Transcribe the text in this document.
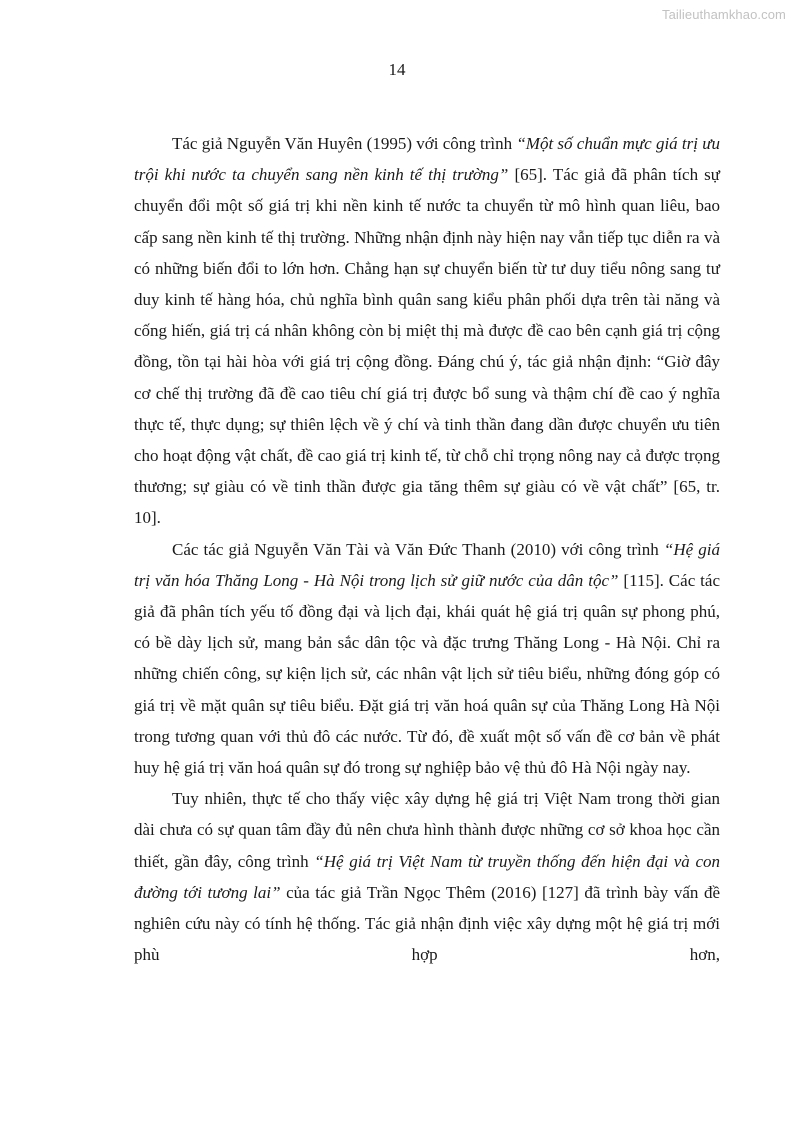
Tailieuthamkhao.com
14

Tác giả Nguyễn Văn Huyên (1995) với công trình “Một số chuẩn mực giá trị ưu trội khi nước ta chuyển sang nền kinh tế thị trường” [65]. Tác giả đã phân tích sự chuyển đổi một số giá trị khi nền kinh tế nước ta chuyển từ mô hình quan liêu, bao cấp sang nền kinh tế thị trường. Những nhận định này hiện nay vẫn tiếp tục diễn ra và có những biến đổi to lớn hơn. Chẳng hạn sự chuyển biến từ tư duy tiểu nông sang tư duy kinh tế hàng hóa, chủ nghĩa bình quân sang kiểu phân phối dựa trên tài năng và cống hiến, giá trị cá nhân không còn bị miệt thị mà được đề cao bên cạnh giá trị cộng đồng, tồn tại hài hòa với giá trị cộng đồng. Đáng chú ý, tác giả nhận định: “Giờ đây cơ chế thị trường đã đề cao tiêu chí giá trị được bổ sung và thậm chí đề cao ý nghĩa thực tế, thực dụng; sự thiên lệch về ý chí và tinh thần đang dần được chuyển ưu tiên cho hoạt động vật chất, đề cao giá trị kinh tế, từ chỗ chỉ trọng nông nay cả được trọng thương; sự giàu có về tinh thần được gia tăng thêm sự giàu có về vật chất” [65, tr. 10].

Các tác giả Nguyễn Văn Tài và Văn Đức Thanh (2010) với công trình “Hệ giá trị văn hóa Thăng Long - Hà Nội trong lịch sử giữ nước của dân tộc” [115]. Các tác giả đã phân tích yếu tố đồng đại và lịch đại, khái quát hệ giá trị quân sự phong phú, có bề dày lịch sử, mang bản sắc dân tộc và đặc trưng Thăng Long - Hà Nội. Chỉ ra những chiến công, sự kiện lịch sử, các nhân vật lịch sử tiêu biểu, những đóng góp có giá trị về mặt quân sự tiêu biểu. Đặt giá trị văn hoá quân sự của Thăng Long Hà Nội trong tương quan với thủ đô các nước. Từ đó, đề xuất một số vấn đề cơ bản về phát huy hệ giá trị văn hoá quân sự đó trong sự nghiệp bảo vệ thủ đô Hà Nội ngày nay.

Tuy nhiên, thực tế cho thấy việc xây dựng hệ giá trị Việt Nam trong thời gian dài chưa có sự quan tâm đầy đủ nên chưa hình thành được những cơ sở khoa học cần thiết, gần đây, công trình “Hệ giá trị Việt Nam từ truyền thống đến hiện đại và con đường tới tương lai” của tác giả Trần Ngọc Thêm (2016) [127] đã trình bày vấn đề nghiên cứu này có tính hệ thống. Tác giả nhận định việc xây dựng một hệ giá trị mới phù hợp hơn,
